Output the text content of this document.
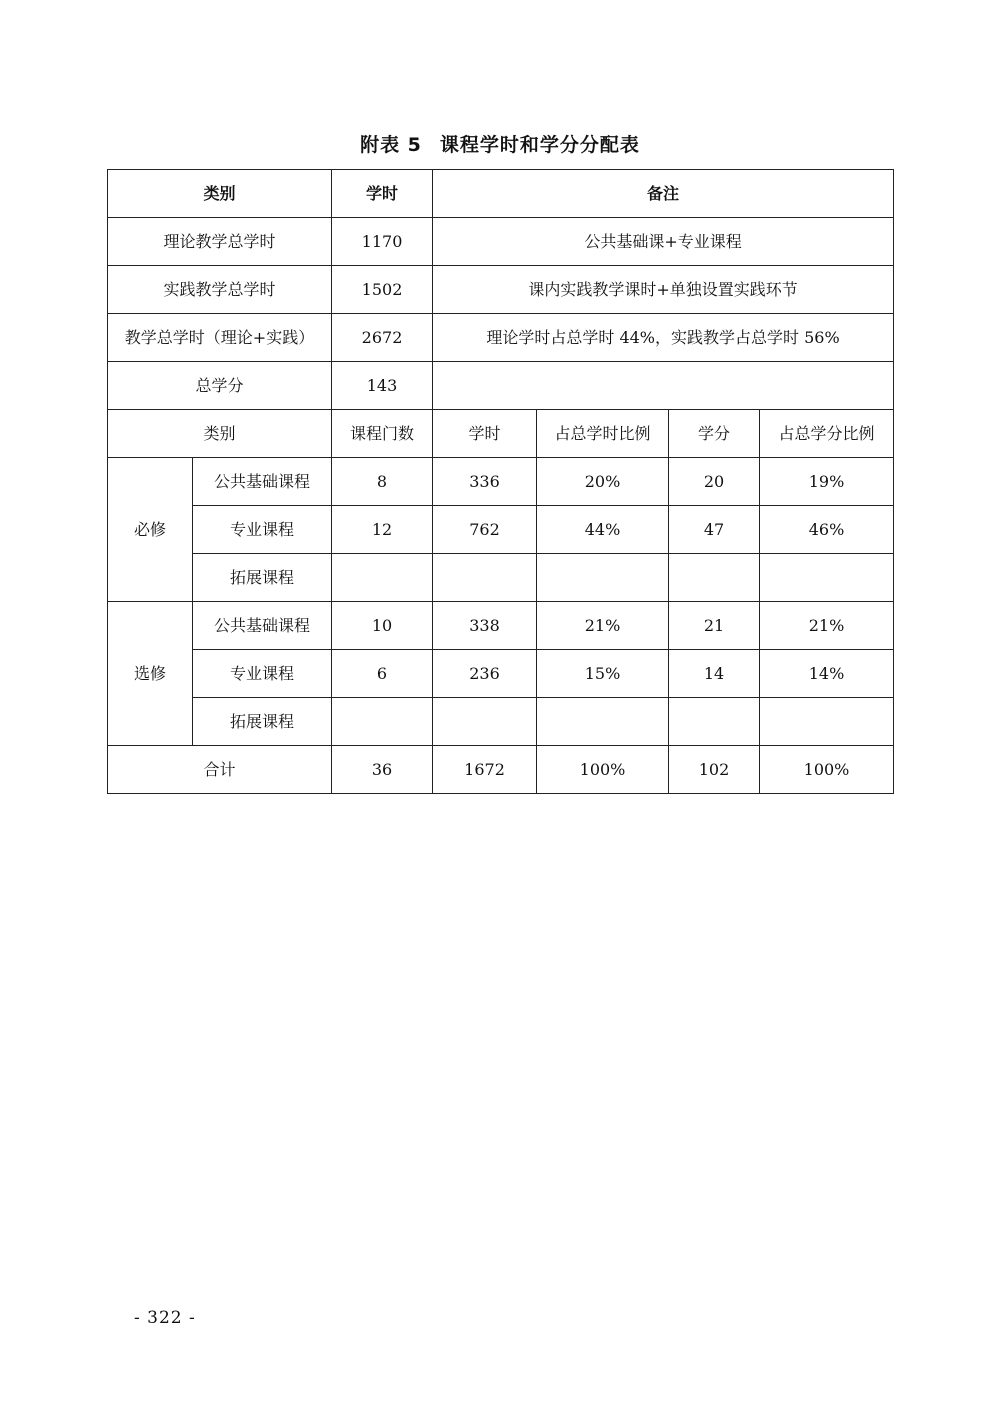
附表 5 课程学时和学分分配表
类别		学时	备注			
理论教学总学时		1170	公共基础课+专业课程			
实践教学总学时		1502	课内实践教学课时+单独设置实践环节			
教学总学时（理论+实践）		2672	理论学时占总学时 44%，实践教学占总学时 56%			
总学分		143				
类别		课程门数	学时	占总学时比例	学分	占总学分比例
必修	公共基础课程	8	336	20%	20	19%
	专业课程	12	762	44%	47	46%
	拓展课程					
选修	公共基础课程	10	338	21%	21	21%
	专业课程	6	236	15%	14	14%
	拓展课程					
合计		36	1672	100%	102	100%
- 322 -
